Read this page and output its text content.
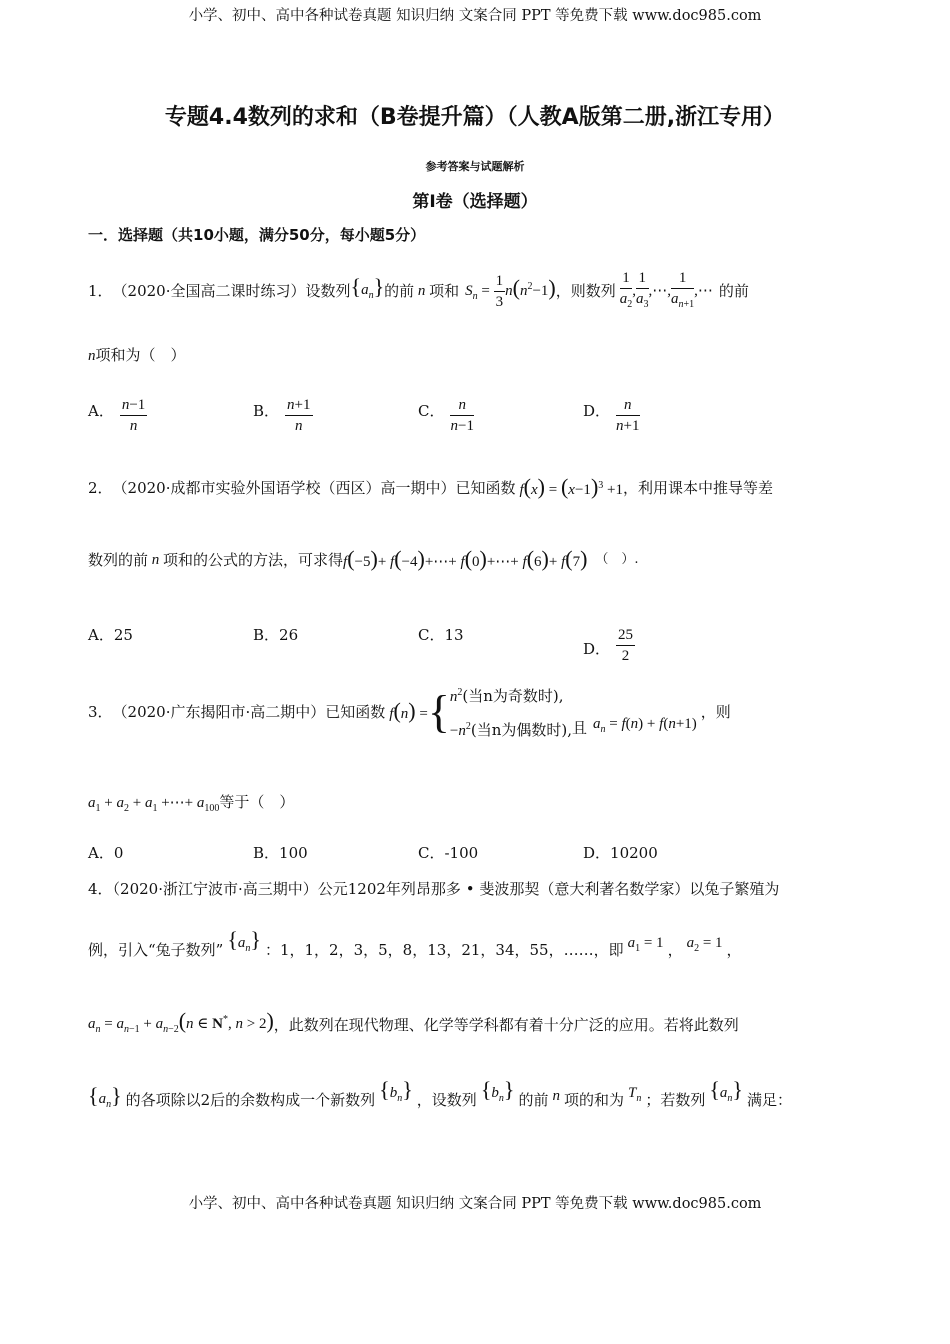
小学、初中、高中各种试卷真题 知识归纳 文案合同 PPT 等免费下载 www.doc985.com
专题4.4数列的求和（B卷提升篇）（人教A版第二册,浙江专用）
参考答案与试题解析
第Ⅰ卷（选择题）
一．选择题（共10小题，满分50分，每小题5分）
1． （2020·全国高二课时练习）设数列 $\{a_n\}$ 的前 n 项和 $S_n = \frac{1}{3} n(n^2-1)$ ，则数列 $\frac{1}{a_2}$ , $\frac{1}{a_3}$ ,⋯, $\frac{1}{a_{n+1}}$ ,⋯ 的前
n项和为（　）
A． $\frac{n-1}{n}$	B． $\frac{n+1}{n}$	C． $\frac{n}{n-1}$	D． $\frac{n}{n+1}$
2． （2020·成都市实验外国语学校（西区）高一期中）已知函数 $f(x) = (x-1)^3 +1$ ，利用课本中推导等差
数列的前 n 项和的公式的方法，可求得 f(−5)+ f(−4)+⋯+ f(0)+⋯+ f(6)+ f(7) （　）.
A．25	B．26	C．13
D． $\frac{25}{2}$
3． （2020·广东揭阳市·高二期中）已知函数 f(n) = { $n^2$(当n为奇数时),
$-n^2$(当n为偶数时), 且 $a_n = f(n) + f(n+1)$
，则
$a_1 + a_2 + a_1$ +⋯+ $a_{100}$等于（　）
A．0	B．100	C．-100	D．10200
4．（2020·浙江宁波市·高三期中）公元1202年列昂那多 • 斐波那契（意大利著名数学家）以兔子繁殖为
例，引入“兔子数列” $\{a_n\}$ ：1，1，2，3，5，8，13，21，34，55，……，即 $a_1 = 1$ ， $a_2 = 1$ ，
$a_n = a_{n-1} + a_{n-2}(n$ ∈ N*, n > 2) ，此数列在现代物理、化学等学科都有着十分广泛的应用。若将此数列
$\{a_n\}$ 的各项除以2后的余数构成一个新数列 $\{b_n\}$ ，设数列 $\{b_n\}$ 的前 n 项的和为 $T_n$ ；若数列 $\{a_n\}$ 满足：
小学、初中、高中各种试卷真题 知识归纳 文案合同 PPT 等免费下载 www.doc985.com
